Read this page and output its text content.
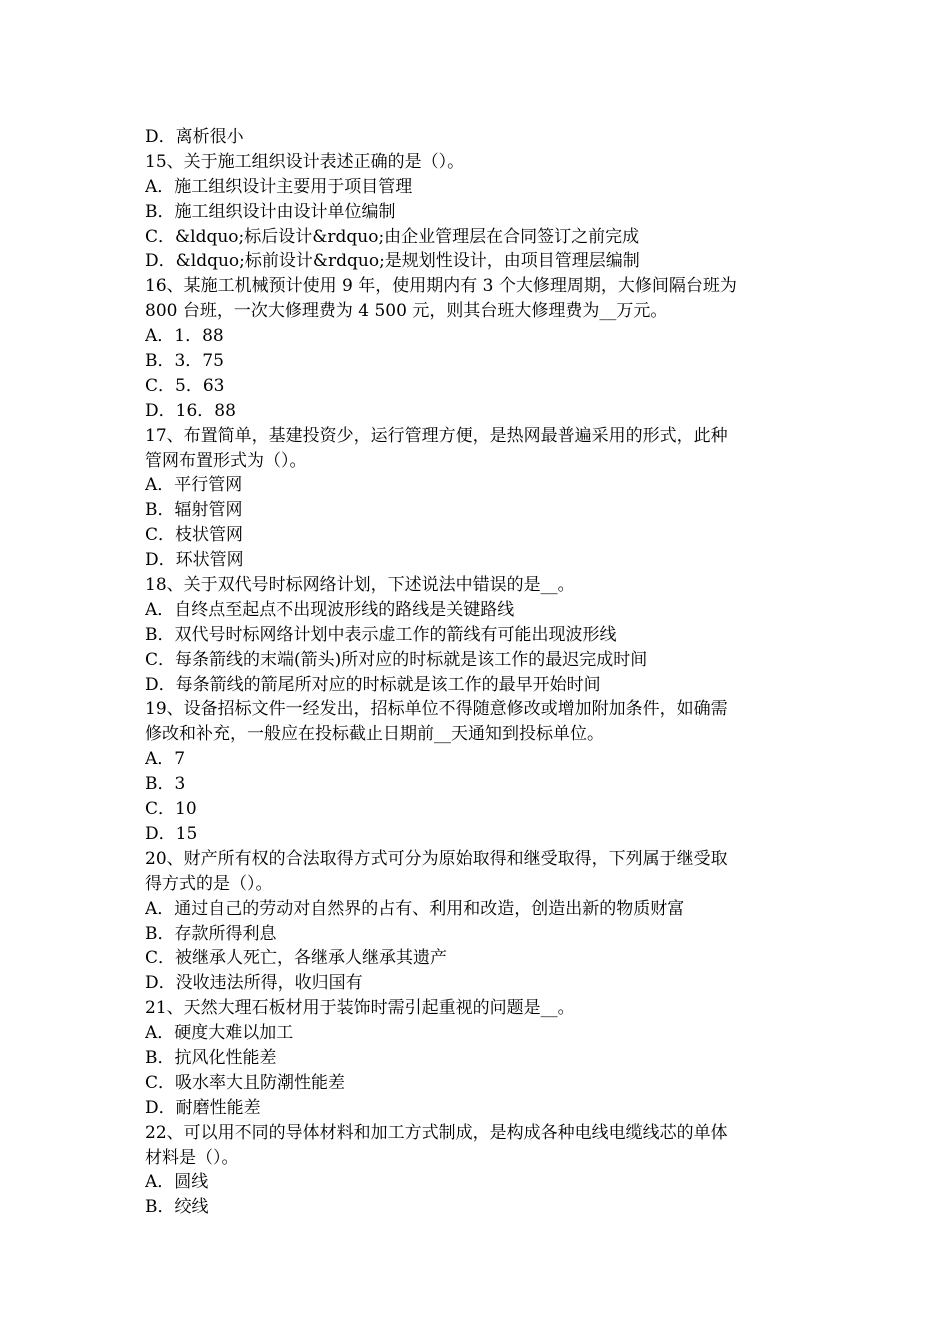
D．离析很小
15、关于施工组织设计表述正确的是（）。
A．施工组织设计主要用于项目管理
B．施工组织设计由设计单位编制
C．&ldquo;标后设计&rdquo;由企业管理层在合同签订之前完成
D．&ldquo;标前设计&rdquo;是规划性设计，由项目管理层编制
16、某施工机械预计使用 9 年，使用期内有 3 个大修理周期，大修间隔台班为
800 台班，一次大修理费为 4 500 元，则其台班大修理费为__万元。
A．1．88
B．3．75
C．5．63
D．16．88
17、布置简单，基建投资少，运行管理方便，是热网最普遍采用的形式，此种
管网布置形式为（）。
A．平行管网
B．辐射管网
C．枝状管网
D．环状管网
18、关于双代号时标网络计划，下述说法中错误的是__。
A．自终点至起点不出现波形线的路线是关键路线
B．双代号时标网络计划中表示虚工作的箭线有可能出现波形线
C．每条箭线的末端(箭头)所对应的时标就是该工作的最迟完成时间
D．每条箭线的箭尾所对应的时标就是该工作的最早开始时间
19、设备招标文件一经发出，招标单位不得随意修改或增加附加条件，如确需
修改和补充，一般应在投标截止日期前__天通知到投标单位。
A．7
B．3
C．10
D．15
20、财产所有权的合法取得方式可分为原始取得和继受取得，下列属于继受取
得方式的是（）。
A．通过自己的劳动对自然界的占有、利用和改造，创造出新的物质财富
B．存款所得利息
C．被继承人死亡，各继承人继承其遗产
D．没收违法所得，收归国有
21、天然大理石板材用于装饰时需引起重视的问题是__。
A．硬度大难以加工
B．抗风化性能差
C．吸水率大且防潮性能差
D．耐磨性能差
22、可以用不同的导体材料和加工方式制成，是构成各种电线电缆线芯的单体
材料是（）。
A．圆线
B．绞线
